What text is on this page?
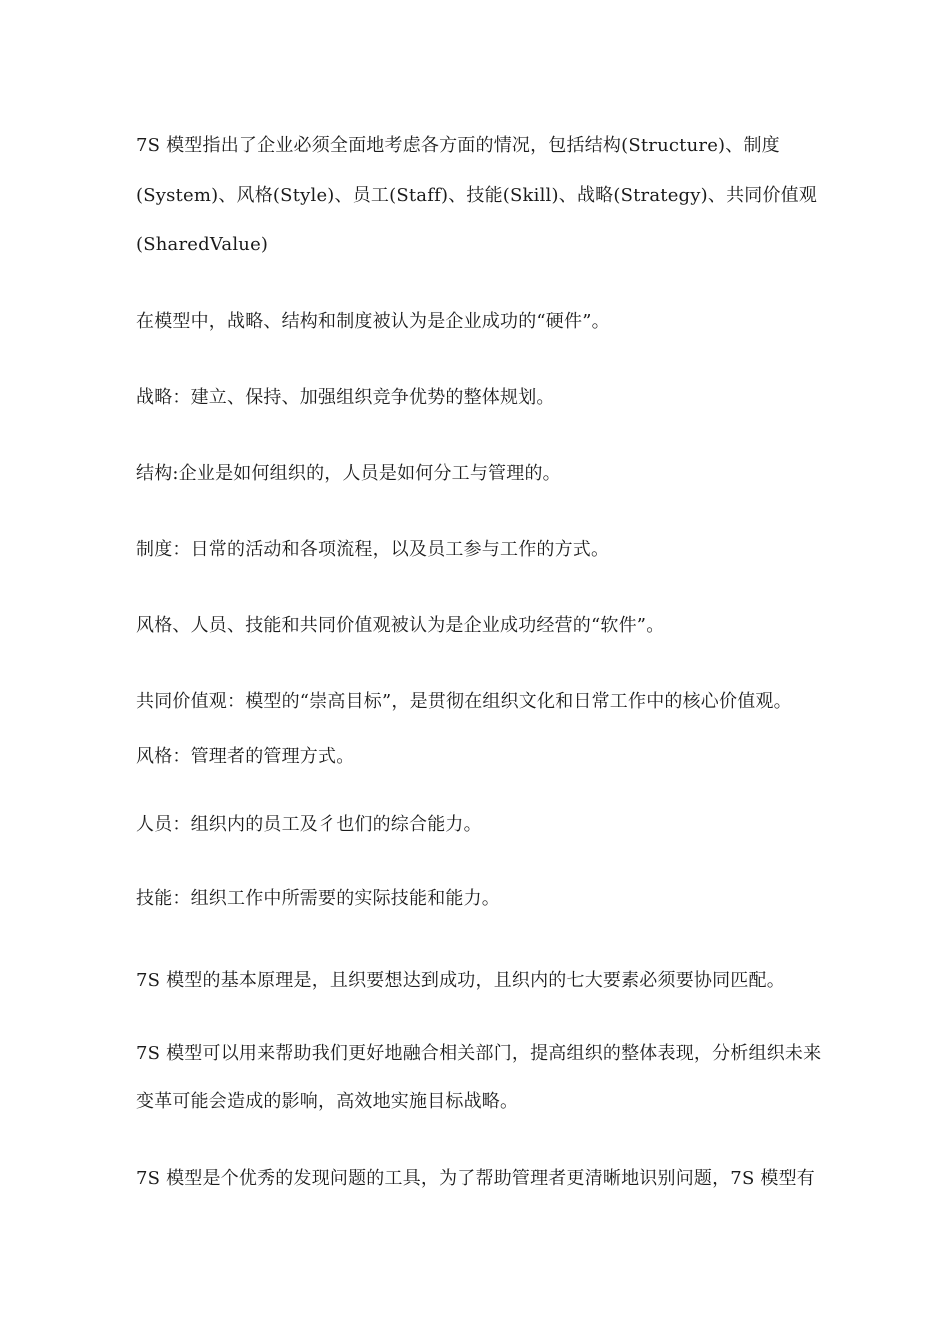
7S 模型指出了企业必须全面地考虑各方面的情况，包括结构(Structure)、制度
(System)、风格(Style)、员工(Staff)、技能(Skill)、战略(Strategy)、共同价值观
(SharedValue)
在模型中，战略、结构和制度被认为是企业成功的“硬件”。
战略：建立、保持、加强组织竞争优势的整体规划。
结构:企业是如何组织的，人员是如何分工与管理的。
制度：日常的活动和各项流程，以及员工参与工作的方式。
风格、人员、技能和共同价值观被认为是企业成功经营的“软件”。
共同价值观：模型的“崇高目标”，是贯彻在组织文化和日常工作中的核心价值观。
风格：管理者的管理方式。
人员：组织内的员工及彳也们的综合能力。
技能：组织工作中所需要的实际技能和能力。
7S 模型的基本原理是，且织要想达到成功，且织内的七大要素必须要协同匹配。
7S 模型可以用来帮助我们更好地融合相关部门，提高组织的整体表现，分析组织未来
变革可能会造成的影响，高效地实施目标战略。
7S 模型是个优秀的发现问题的工具，为了帮助管理者更清晰地识别问题，7S 模型有
